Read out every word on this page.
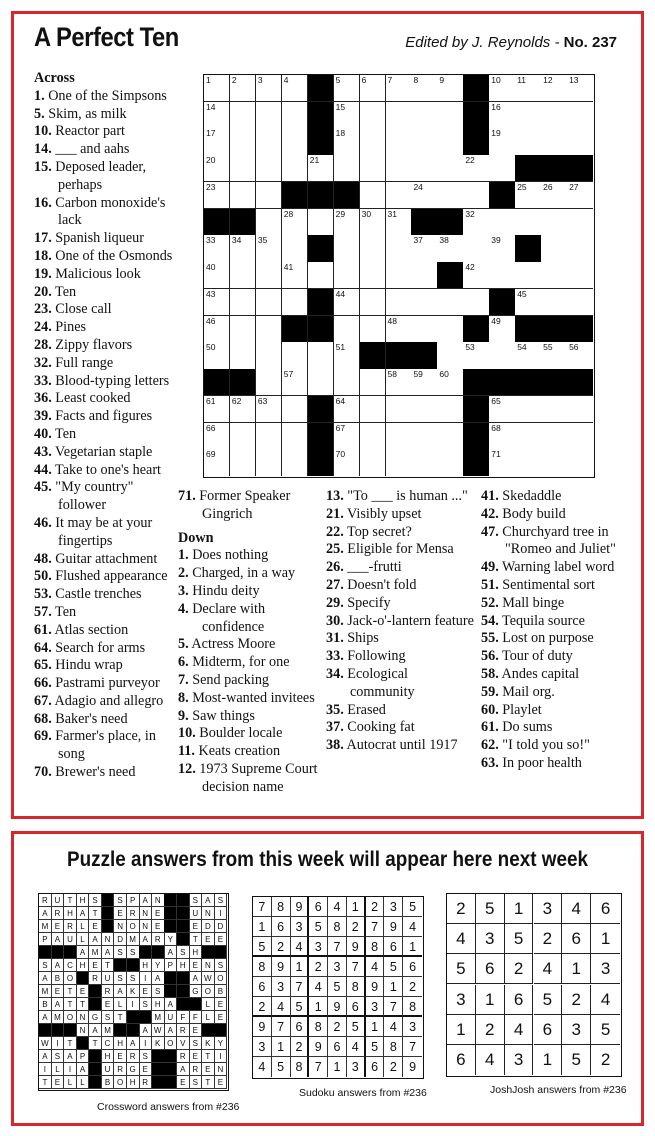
A Perfect Ten	Edited by J. Reynolds - No. 237
Across
1. One of the Simpsons
5. Skim, as milk
10. Reactor part
14. ___ and aahs
15. Deposed leader, perhaps
16. Carbon monoxide's lack
17. Spanish liqueur
18. One of the Osmonds
19. Malicious look
20. Ten
23. Close call
24. Pines
28. Zippy flavors
32. Full range
33. Blood-typing letters
36. Least cooked
39. Facts and figures
40. Ten
43. Vegetarian staple
44. Take to one's heart
45. "My country" follower
46. It may be at your fingertips
48. Guitar attachment
50. Flushed appearance
53. Castle trenches
57. Ten
61. Atlas section
64. Search for arms
65. Hindu wrap
66. Pastrami purveyor
67. Adagio and allegro
68. Baker's need
69. Farmer's place, in song
70. Brewer's need
71. Former Speaker Gingrich
Down
1. Does nothing
2. Charged, in a way
3. Hindu deity
4. Declare with confidence
5. Actress Moore
6. Midterm, for one
7. Send packing
8. Most-wanted invitees
9. Saw things
10. Boulder locale
11. Keats creation
12. 1973 Supreme Court decision name
13. "To ___ is human ..."
21. Visibly upset
22. Top secret?
25. Eligible for Mensa
26. ___-frutti
27. Doesn't fold
29. Specify
30. Jack-o'-lantern feature
31. Ships
33. Following
34. Ecological community
35. Erased
37. Cooking fat
38. Autocrat until 1917
41. Skedaddle
42. Body build
47. Churchyard tree in "Romeo and Juliet"
49. Warning label word
51. Sentimental sort
52. Mall binge
54. Tequila source
55. Lost on purpose
56. Tour of duty
58. Andes capital
59. Mail org.
60. Playlet
61. Do sums
62. "I told you so!"
63. In poor health
1 2 3 4	5 6 7 8 9	10 11 12 13
14	15	16
17	18	19
20	21	22
23	24	25 26 27
28	29 30 31	32
33 34 35	37 38	39
40	41	42
43	44	45
46	48	49
50	51	53	54 55 56
57	58 59 60
61 62 63	64	65
66	67	68
69	70	71
Puzzle answers from this week will appear here next week
R U T H S	S P A N	S A S
A R H A T	E R N E	U N	I
M E R L E	N O N E	E D D
P A U L A N D M A R Y	T E E
A M A S S	A S H
S A C H E T	H Y P H E N S
A B O	R U S S	I	A	A W O
M E T E	R A K E S	G O B
B A T T	E L	I	S H A	L E
A M O N G S T	M U F F L E
N A M	A W A R E
W I	T	T C H A	I	K O V S K Y
A S A P	H E R S	R E T	I
I	L	I	A	U R G E	A R E N
T E L	L	B O H R	E S T E
Crossword answers from #236
7 8 9 6 4 1 2 3 5
1 6 3 5 8 2 7 9 4
5 2 4 3 7 9 8 6 1
8 9 1 2 3 7 4 5 6
6 3 7 4 5 8 9 1 2
2 4 5 1 9 6 3 7 8
9 7 6 8 2 5 1 4 3
3 1 2 9 6 4 5 8 7
4 5 8 7 1 3 6 2 9
Sudoku answers from #236
2	5	1	3	4	6
4	3	5	2	6	1
5	6	2	4	1	3
3	1	6	5	2	4
1	2	4	6	3	5
6	4	3	1	5	2
JoshJosh answers from #236
